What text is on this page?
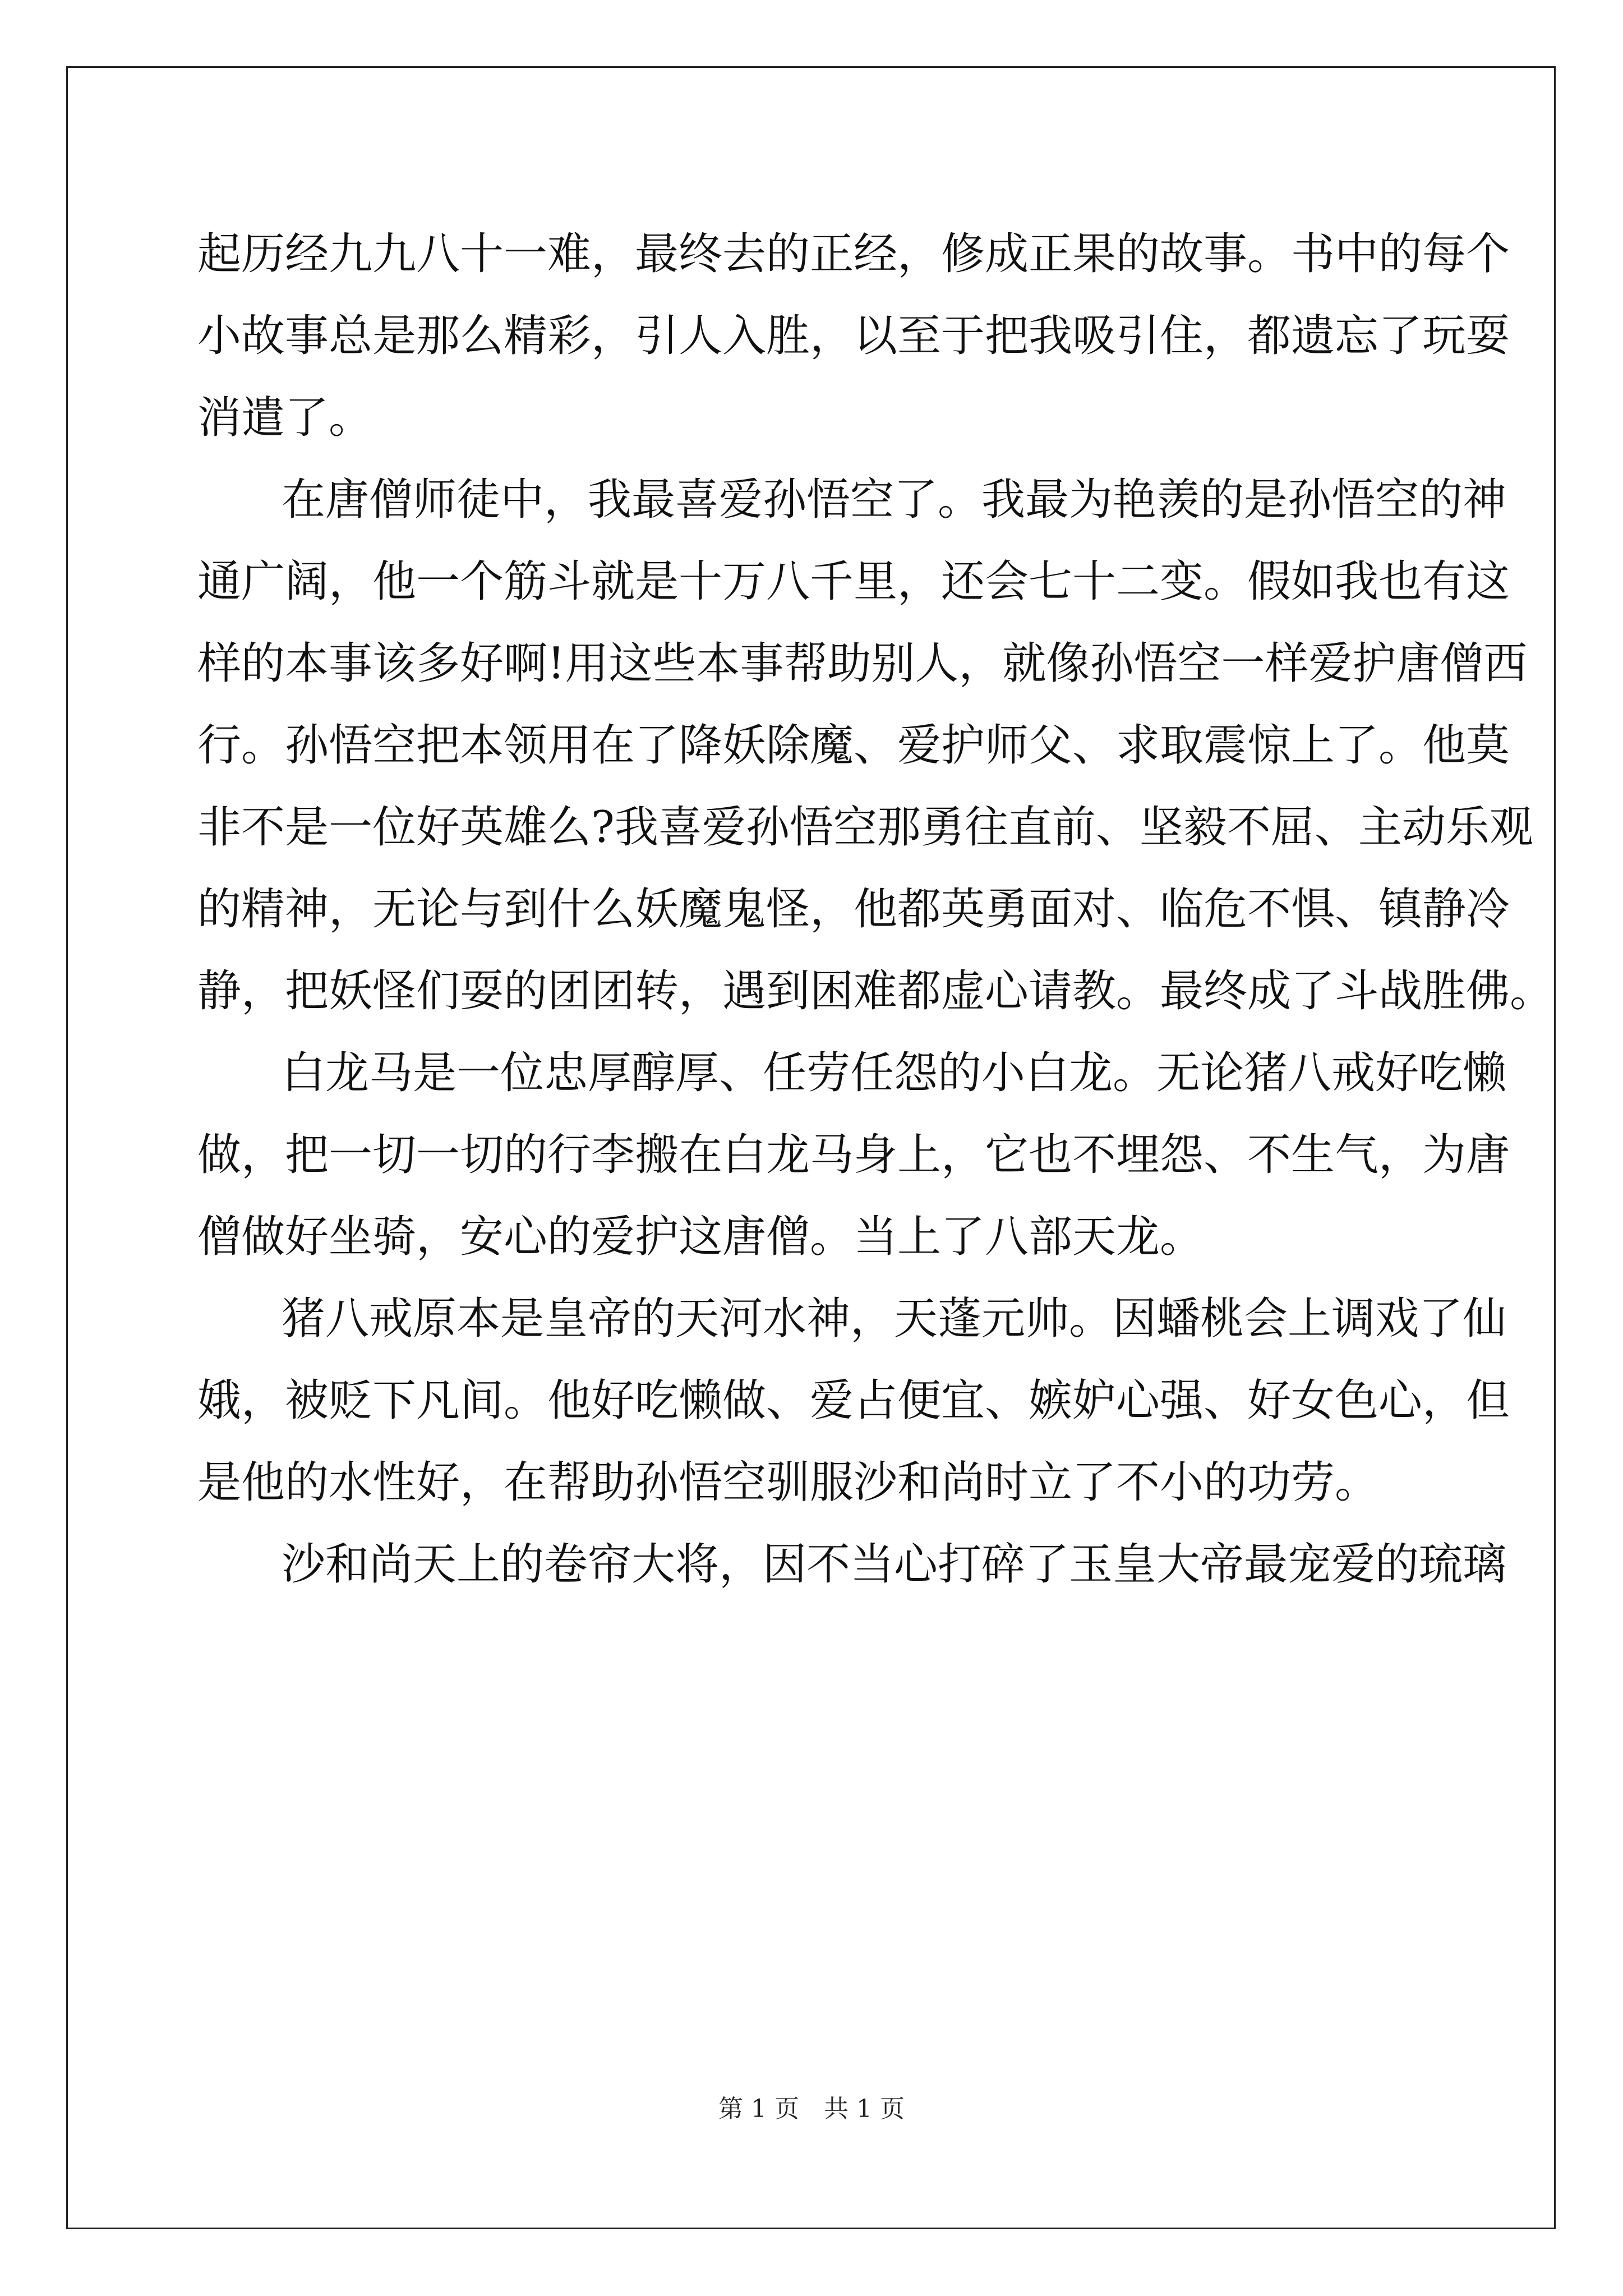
起历经九九八十一难，最终去的正经，修成正果的故事。书中的每个
小故事总是那么精彩，引人入胜，以至于把我吸引住，都遗忘了玩耍
消遣了。
在唐僧师徒中，我最喜爱孙悟空了。我最为艳羡的是孙悟空的神
通广阔，他一个筋斗就是十万八千里，还会七十二变。假如我也有这
样的本事该多好啊!用这些本事帮助别人，就像孙悟空一样爱护唐僧西
行。孙悟空把本领用在了降妖除魔、爱护师父、求取震惊上了。他莫
非不是一位好英雄么?我喜爱孙悟空那勇往直前、坚毅不屈、主动乐观
的精神，无论与到什么妖魔鬼怪，他都英勇面对、临危不惧、镇静冷
静，把妖怪们耍的团团转，遇到困难都虚心请教。最终成了斗战胜佛。
白龙马是一位忠厚醇厚、任劳任怨的小白龙。无论猪八戒好吃懒
做，把一切一切的行李搬在白龙马身上，它也不埋怨、不生气，为唐
僧做好坐骑，安心的爱护这唐僧。当上了八部天龙。
猪八戒原本是皇帝的天河水神，天蓬元帅。因蟠桃会上调戏了仙
娥，被贬下凡间。他好吃懒做、爱占便宜、嫉妒心强、好女色心，但
是他的水性好，在帮助孙悟空驯服沙和尚时立了不小的功劳。
沙和尚天上的卷帘大将，因不当心打碎了玉皇大帝最宠爱的琉璃
第 1 页　共 1 页
